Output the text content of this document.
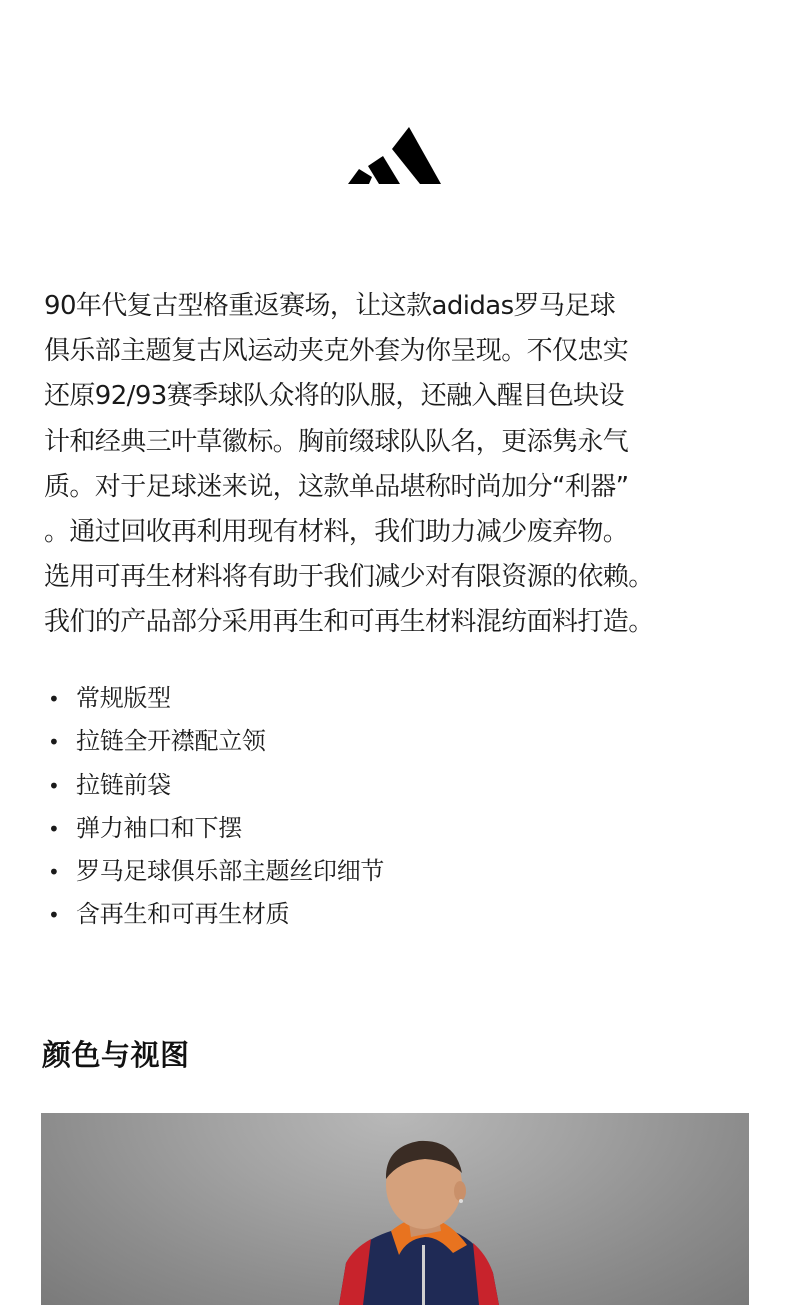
90年代复古型格重返赛场，让这款adidas罗马足球
俱乐部主题复古风运动夹克外套为你呈现。不仅忠实
还原92/93赛季球队众将的队服，还融入醒目色块设
计和经典三叶草徽标。胸前缀球队队名，更添隽永气
质。对于足球迷来说，这款单品堪称时尚加分“利器”
。通过回收再利用现有材料，我们助力减少废弃物。
选用可再生材料将有助于我们减少对有限资源的依赖。
我们的产品部分采用再生和可再生材料混纺面料打造。
• 常规版型
• 拉链全开襟配立领
• 拉链前袋
• 弹力袖口和下摆
• 罗马足球俱乐部主题丝印细节
• 含再生和可再生材质
颜色与视图
